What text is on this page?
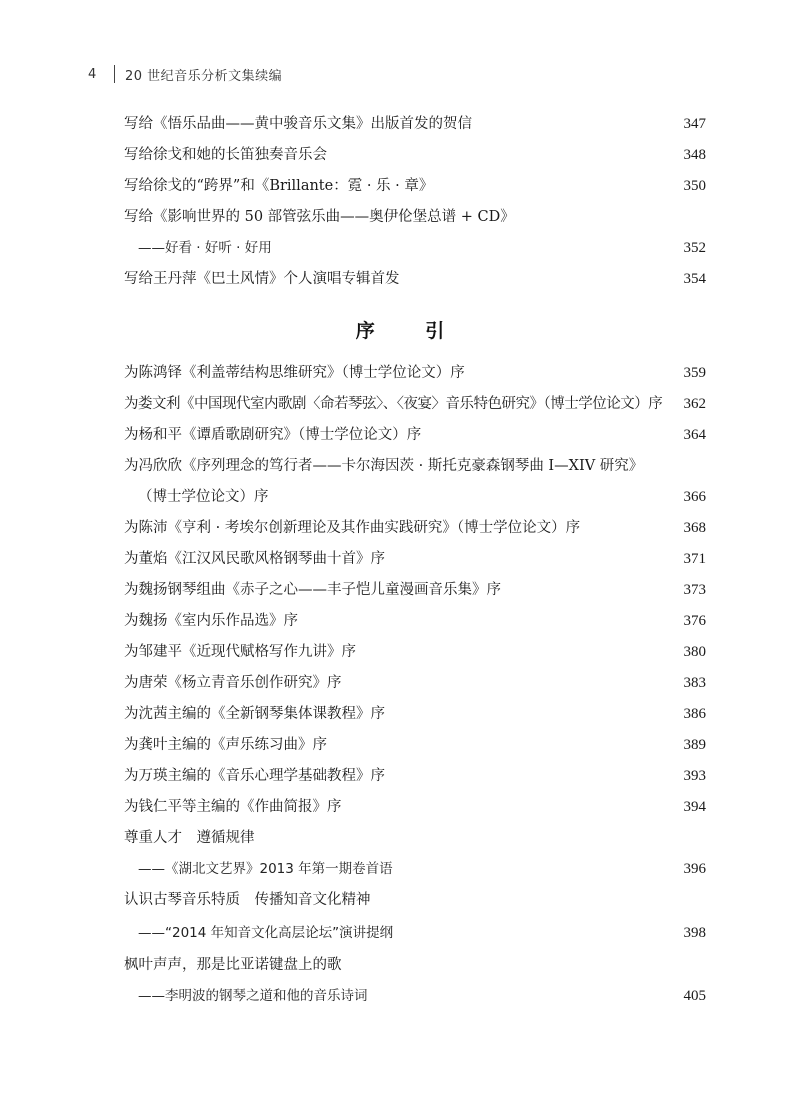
4	20 世纪音乐分析文集续编
写给《悟乐品曲——黄中骏音乐文集》出版首发的贺信	347
写给徐戈和她的长笛独奏音乐会	348
写给徐戈的“跨界”和《Brillante：霓 · 乐 · 章》	350
写给《影响世界的 50 部管弦乐曲——奥伊伦堡总谱 + CD》
——好看 · 好听 · 好用	352
写给王丹萍《巴土风情》个人演唱专辑首发	354
序 引
为陈鸿铎《利盖蒂结构思维研究》（博士学位论文）序	359
为娄文利《中国现代室内歌剧〈命若琴弦〉、〈夜宴〉音乐特色研究》（博士学位论文）序 362
为杨和平《谭盾歌剧研究》（博士学位论文）序	364
为冯欣欣《序列理念的笃行者——卡尔海因茨 · 斯托克豪森钢琴曲 I—XIV 研究》
（博士学位论文）序	366
为陈沛《亨利 · 考埃尔创新理论及其作曲实践研究》（博士学位论文）序	368
为董焰《江汉风民歌风格钢琴曲十首》序	371
为魏扬钢琴组曲《赤子之心——丰子恺儿童漫画音乐集》序	373
为魏扬《室内乐作品选》序	376
为邹建平《近现代赋格写作九讲》序	380
为唐荣《杨立青音乐创作研究》序	383
为沈茜主编的《全新钢琴集体课教程》序	386
为龚叶主编的《声乐练习曲》序	389
为万瑛主编的《音乐心理学基础教程》序	393
为钱仁平等主编的《作曲简报》序	394
尊重人才　遵循规律
——《湖北文艺界》2013 年第一期卷首语	396
认识古琴音乐特质　传播知音文化精神
——“2014 年知音文化高层论坛”演讲提纲	398
枫叶声声，那是比亚诺键盘上的歌
——李明波的钢琴之道和他的音乐诗词	405
